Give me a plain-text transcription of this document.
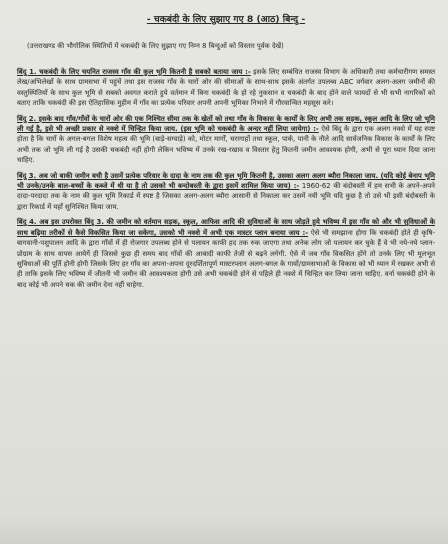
- चकबंदी के लिए सुझाए गए 8 (आठ) बिन्दु -
(उत्तराखण्ड की भौगोलिक स्थितियों में चकबंदी के लिए सुझाए गए निम्न 8 बिन्दुओं को विस्तार पूर्वक देखें)

बिंदु 1. चकबंदी के लिए चयनित राजस्व गाँव की कुल भूमि कितनी है सबको बताया जाय :- इसके लिए सम्बंधित राजस्व विभाग के अधिकारी तथा कर्मचारीगण समस्त लेख/अभिलेखों के साथ ग्रामसभा में पहुंचें तथा इस राजस्व गाँव के चारों ओर की सीमाओं के साथ-साथ इसके अंतर्गत उपलब्ध ABC वर्गवार अलग-अलग जमीनों की वस्तुस्थितियों के साथ कुल भूमि से सबको अवगत कराते हुये वर्तमान में बिना चकबंदी के हो रहे नुकसान व चकबंदी के बाद होने वाले फायदों से भी सभी नागरिकों को बताए ताकि चकबंदी की इस ऐतिहासिक मुहीम में गाँव का प्रत्येक परिवार अपनी अपनी भूमिका निभाने में गौरवान्वित महसूस करे।

बिंदु 2. इसके बाद गाँव/गाँवों के चारों ओर की एक निश्चित सीमा तक के खेतों को तथा गाँव के विकास के कार्यों के लिए अभी तक सड़क, स्कूल आदि के लिए जो भूमि ली गई है, इसे भी अच्छी प्रकार से नक्शे में चिन्हित किया जाय. (इस भूमि को चकबंदी के अन्दर नहीं लिया जायेगा) :- ऐसे बिंदु के द्वारा एक अलग नक्शे में यह स्पष्ट होता है कि चारों के अगल-बगल विशेष महत्व की भूमि (बाड़े-सग्वाड़े) को, मोटर मार्गों, चरागाहों तथा स्कूल, पार्क, पानी के नौले आदि सार्वजनिक विकास के कार्यों के लिए अभी तक जो भूमि ली गई है उसकी चकबंदी नहीं होगी लेकिन भविष्य में उनके रख-रखाव व विस्तार हेतु कितनी जमीन आवश्यक होगी, अभी से पूरा ध्यान दिया जाना चाहिए.

बिंदु 3. अब जो बाकी जमीन बची है उसमें प्रत्येक परिवार के दादा के नाम तक की कुल भूमि कितनी है, उसका अलग अलग ब्यौरा निकाला जाय. (यदि कोई बेनाप भूमि भी उनके/उनके बाल-बच्चों के कब्जे में थी या है तो उसको भी बन्दोबस्ती के द्वारा इसमें शामिल किया जाय) :- 1960-62 की बंदोबस्ती में हम सभी के अपने-अपने दादा-परदादा तक के नाम की कुल भूमि रिकार्ड में स्पष्ट है जिसका अलग-अलग ब्यौरा आसानी से निकाला कर उसमें नयी भूमि यदि कुछ है तो उसे भी इसी बंदोबस्ती के द्वारा रिकार्ड में यहाँ सुनिश्चित किया जाय.

बिंदु 4. अब इस उपरोक्त बिंदु 3. की जमीन को वर्तमान सड़क, स्कूल, आफिस आदि की सुविधाओं के साथ जोड़ते हुये भविष्य में इस गाँव को और भी सुविधाओं के साथ बढ़िया तरीकों से कैसे विकसित किया जा सकेगा, उसको भी नक्शे में अभी एक मास्टर प्लान बनाया जाय :- ऐसे भी समझाना होगा कि चकबंदी होते ही कृषि-बागवानी-पशुपालन आदि के द्वारा गाँवों में ही रोजगार उपलब्ध होने से पलायन काफी हद तक रुक जाएगा तथा अनेक लोग जो पलायन कर चुके हैं वे भी नये-नये प्लान-प्रोग्राम के साथ वापस आयेगें ही जिससे कुछ ही समय बाद गाँवों की आबादी काफी तेजी से बढ़ने लगेगी. ऐसे में जब गाँव विकसित होंगे तो उनके लिए भी मूलभूत सुविधाओं की पूर्ति होनी होगी जिसके लिए हर गाँव का अपना-अपना दूरदर्शितापूर्ण मास्टरप्लान अलग-बगल के गावों/ग्रामसभाओं के विकास को भी ध्यान में रखकर अभी से ही ताकि इसके लिए भविष्य में जीतनी भी जमीन की आवश्यकता होगी उसे अभी चकबंदी होने से पहिले ही नक्शे में चिन्हित कर लिया जाना चाहिए. वर्ना चकबंदी होने के बाद कोई भी अपने चक की जमीन देना नहीं चाहेगा.
